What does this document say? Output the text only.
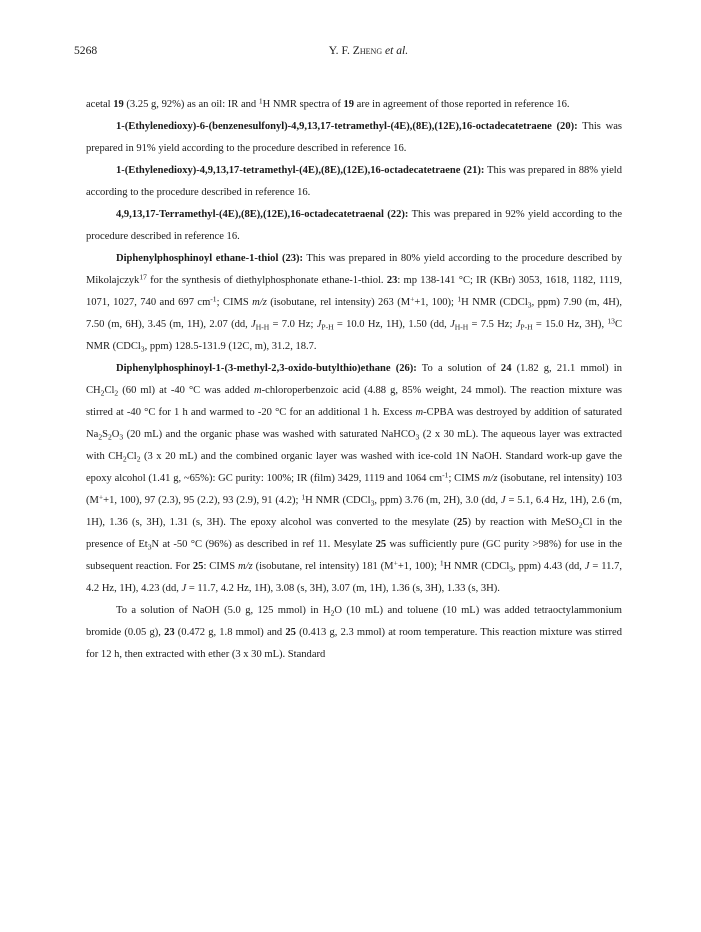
5268	Y. F. Zheng et al.

acetal 19 (3.25 g, 92%) as an oil: IR and $^1$H NMR spectra of 19 are in agreement of those reported in reference 16.

1-(Ethylenedioxy)-6-(benzenesulfonyl)-4,9,13,17-tetramethyl-(4E),(8E),(12E),16-octadecatetraene (20): This was prepared in 91% yield according to the procedure described in reference 16.

1-(Ethylenedioxy)-4,9,13,17-tetramethyl-(4E),(8E),(12E),16-octadecatetraene (21): This was prepared in 88% yield according to the procedure described in reference 16.

4,9,13,17-Terramethyl-(4E),(8E),(12E),16-octadecatetraenal (22): This was prepared in 92% yield according to the procedure described in reference 16.

Diphenylphosphinoyl ethane-1-thiol (23): This was prepared in 80% yield according to the procedure described by Mikolajczyk$^{17}$ for the synthesis of diethylphosphonate ethane-1-thiol. 23: mp 138-141 °C; IR (KBr) 3053, 1618, 1182, 1119, 1071, 1027, 740 and 697 $cm^{-1}$; CIMS m/z (isobutane, rel intensity) 263 (M++1, 100); $^1$H NMR (CDCl$_3$, ppm) 7.90 (m, 4H), 7.50 (m, 6H), 3.45 (m, 1H), 2.07 (dd, $J_{H-H} = 7.0$ Hz; $J_{P-H} = 10.0$ Hz, 1H), 1.50 (dd, $J_{H-H} = 7.5$ Hz; $J_{P-H} = 15.0$ Hz, 3H), $^{13}$C NMR (CDCl$_3$, ppm) 128.5-131.9 (12C, m), 31.2, 18.7.

Diphenylphosphinoyl-1-(3-methyl-2,3-oxido-butylthio)ethane (26): To a solution of 24 (1.82 g, 21.1 mmol) in $CH_2Cl_2$ (60 ml) at -40 °C was added m-chloroperbenzoic acid (4.88 g, 85% weight, 24 mmol). The reaction mixture was stirred at -40 °C for 1 h and warmed to -20 °C for an additional 1 h. Excess m-CPBA was destroyed by addition of saturated $Na_2S_2O_3$ (20 mL) and the organic phase was washed with saturated NaHCO$_3$ (2 x 30 mL). The aqueous layer was extracted with $CH_2Cl_2$ (3 x 20 mL) and the combined organic layer was washed with ice-cold 1N NaOH. Standard work-up gave the epoxy alcohol (1.41 g, ~65%): GC purity: 100%; IR (film) 3429, 1119 and 1064 $cm^{-1}$; CIMS m/z (isobutane, rel intensity) 103 (M++1, 100), 97 (2.3), 95 (2.2), 93 (2.9), 91 (4.2); $^1$H NMR (CDCl$_3$, ppm) 3.76 (m, 2H), 3.0 (dd, J = 5.1, 6.4 Hz, 1H), 2.6 (m, 1H), 1.36 (s, 3H), 1.31 (s, 3H). The epoxy alcohol was converted to the mesylate (25) by reaction with MeSO$_2$Cl in the presence of $Et_3N$ at -50 °C (96%) as described in ref 11. Mesylate 25 was sufficiently pure (GC purity >98%) for use in the subsequent reaction. For 25: CIMS m/z (isobutane, rel intensity) 181 (M++1, 100); $^1$H NMR (CDCl$_3$, ppm) 4.43 (dd, J = 11.7, 4.2 Hz, 1H), 4.23 (dd, J = 11.7, 4.2 Hz, 1H), 3.08 (s, 3H), 3.07 (m, 1H), 1.36 (s, 3H), 1.33 (s, 3H).

To a solution of NaOH (5.0 g, 125 mmol) in $H_2O$ (10 mL) and toluene (10 mL) was added tetraoctylammonium bromide (0.05 g), 23 (0.472 g, 1.8 mmol) and 25 (0.413 g, 2.3 mmol) at room temperature. This reaction mixture was stirred for 12 h, then extracted with ether (3 x 30 mL). Standard
